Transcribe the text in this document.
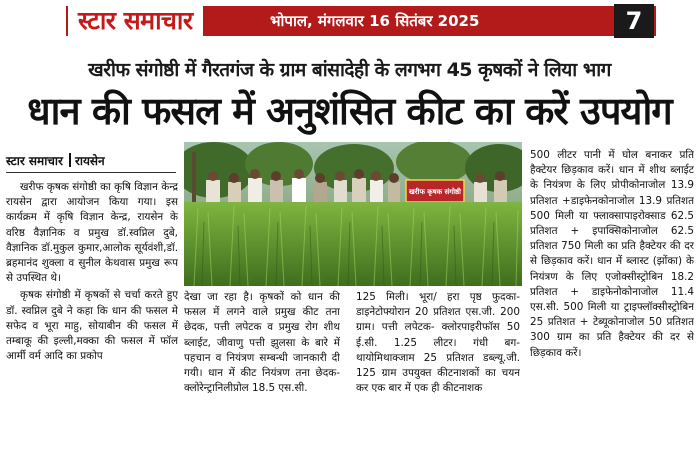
स्टार समाचार	भोपाल, मंगलवार 16 सितंबर 2025	7
खरीफ संगोष्ठी में गैरतगंज के ग्राम बांसादेही के लगभग 45 कृषकों ने लिया भाग
धान की फसल में अनुशंसित कीट का करें उपयोग
स्टार समाचार रायसेन

खरीफ कृषक संगोष्ठी का कृषि विज्ञान केन्द्र रायसेन द्वारा आयोजन किया गया। इस कार्यक्रम में कृषि विज्ञान केन्द्र, रायसेन के वरिष्ठ वैज्ञानिक व प्रमुख डॉ.स्वप्निल दुबे, वैज्ञानिक डॉ.मुकुल कुमार,आलोक सूर्यवंशी,डॉ. ब्रहमानंद शुक्ला व सुनील केथवास प्रमुख रूप से उपस्थित थे।

कृषक संगोष्ठी में कृषकों से चर्चा करते हुए डॉ. स्वप्निल दुबे ने कहा कि धान की फसल मे सफेद व भूरा माहु, सोयाबीन की फसल में तम्बाकू की इल्ली,मक्का की फसल में फॉल आर्मी वर्म आदि का प्रकोप

खरीफ कृषक संगोष्ठी

देखा जा रहा है। कृषकों को धान की फसल में लगने वाले प्रमुख कीट तना छेदक, पत्ती लपेटक व प्रमुख रोग शीथ ब्लाईट, जीवाणु पत्ती झुलसा के बारे में पहचान व नियंत्रण सम्बन्धी जानकारी दी गयी। धान में कीट नियंत्रण तना छेदक- क्लोरेन्ट्रानिलीप्रोल 18.5 एस.सी.

125 मिली। भूरा/ हरा पृष्ठ फुदका- डाइनेटोफ्योरान 20 प्रतिशत एस.जी. 200 ग्राम। पत्ती लपेटक- क्लोरपाइरीफॉस 50 ई.सी. 1.25 लीटर। गंधी बग-थायोमिथाक्जाम 25 प्रतिशत डब्ल्यू.जी. 125 ग्राम उपयुक्त कीटनाशकों का चयन कर एक बार में एक ही कीटनाशक

500 लीटर पानी में घोल बनाकर प्रति हैक्टेयर छिड़काव करें। धान में शीथ ब्लाईट के नियंत्रण के लिए प्रोपीकोनाजोल 13.9 प्रतिशत +डाइफेनकोनाजोल 13.9 प्रतिशत 500 मिली या फ्लाक्सापाइरोक्साड 62.5 प्रतिशत + इपाक्सिकोनाजोल 62.5 प्रतिशत 750 मिली का प्रति हैक्टेयर की दर से छिड़काव करें। धान में ब्लास्ट (झोंका) के नियंत्रण के लिए एजोक्सीस्ट्रोबिन 18.2 प्रतिशत + डाइफेनोकोनाजोल 11.4 एस.सी. 500 मिली या ट्राइफ्लॉक्सीस्ट्रोबिन 25 प्रतिशत + टेब्यूकोनाजोल 50 प्रतिशत 300 ग्राम का प्रति हैक्टेयर की दर से छिड़काव करें।
